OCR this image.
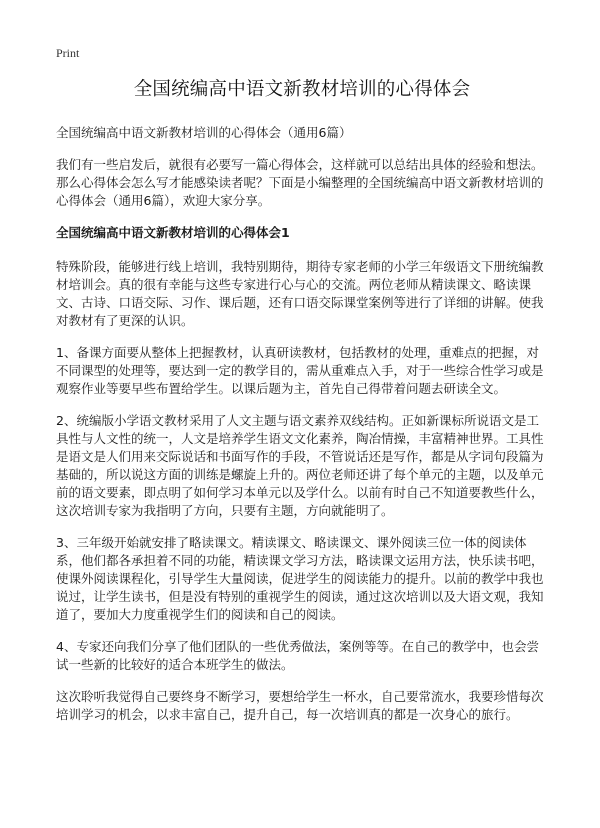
Print
全国统编高中语文新教材培训的心得体会
全国统编高中语文新教材培训的心得体会（通用6篇）

我们有一些启发后，就很有必要写一篇心得体会，这样就可以总结出具体的经验和想法。那么心得体会怎么写才能感染读者呢？下面是小编整理的全国统编高中语文新教材培训的心得体会（通用6篇），欢迎大家分享。

全国统编高中语文新教材培训的心得体会1

特殊阶段，能够进行线上培训，我特别期待，期待专家老师的小学三年级语文下册统编教材培训会。真的很有幸能与这些专家进行心与心的交流。两位老师从精读课文、略读课文、古诗、口语交际、习作、课后题，还有口语交际课堂案例等进行了详细的讲解。使我对教材有了更深的认识。

1、备课方面要从整体上把握教材，认真研读教材，包括教材的处理，重难点的把握，对不同课型的处理等，要达到一定的教学目的，需从重难点入手，对于一些综合性学习或是观察作业等要早些布置给学生。以课后题为主，首先自己得带着问题去研读全文。

2、统编版小学语文教材采用了人文主题与语文素养双线结构。正如新课标所说语文是工具性与人文性的统一，人文是培养学生语文文化素养，陶冶情操，丰富精神世界。工具性是语文是人们用来交际说话和书面写作的手段，不管说话还是写作，都是从字词句段篇为基础的，所以说这方面的训练是螺旋上升的。两位老师还讲了每个单元的主题，以及单元前的语文要素，即点明了如何学习本单元以及学什么。以前有时自己不知道要教些什么，这次培训专家为我指明了方向，只要有主题，方向就能明了。

3、三年级开始就安排了略读课文。精读课文、略读课文、课外阅读三位一体的阅读体系，他们都各承担着不同的功能，精读课文学习方法，略读课文运用方法，快乐读书吧，使课外阅读课程化，引导学生大量阅读，促进学生的阅读能力的提升。以前的教学中我也说过，让学生读书，但是没有特别的重视学生的阅读，通过这次培训以及大语文观，我知道了，要加大力度重视学生们的阅读和自己的阅读。

4、专家还向我们分享了他们团队的一些优秀做法，案例等等。在自己的教学中，也会尝试一些新的比较好的适合本班学生的做法。

这次聆听我觉得自己要终身不断学习，要想给学生一杯水，自己要常流水，我要珍惜每次培训学习的机会，以求丰富自己，提升自己，每一次培训真的都是一次身心的旅行。
